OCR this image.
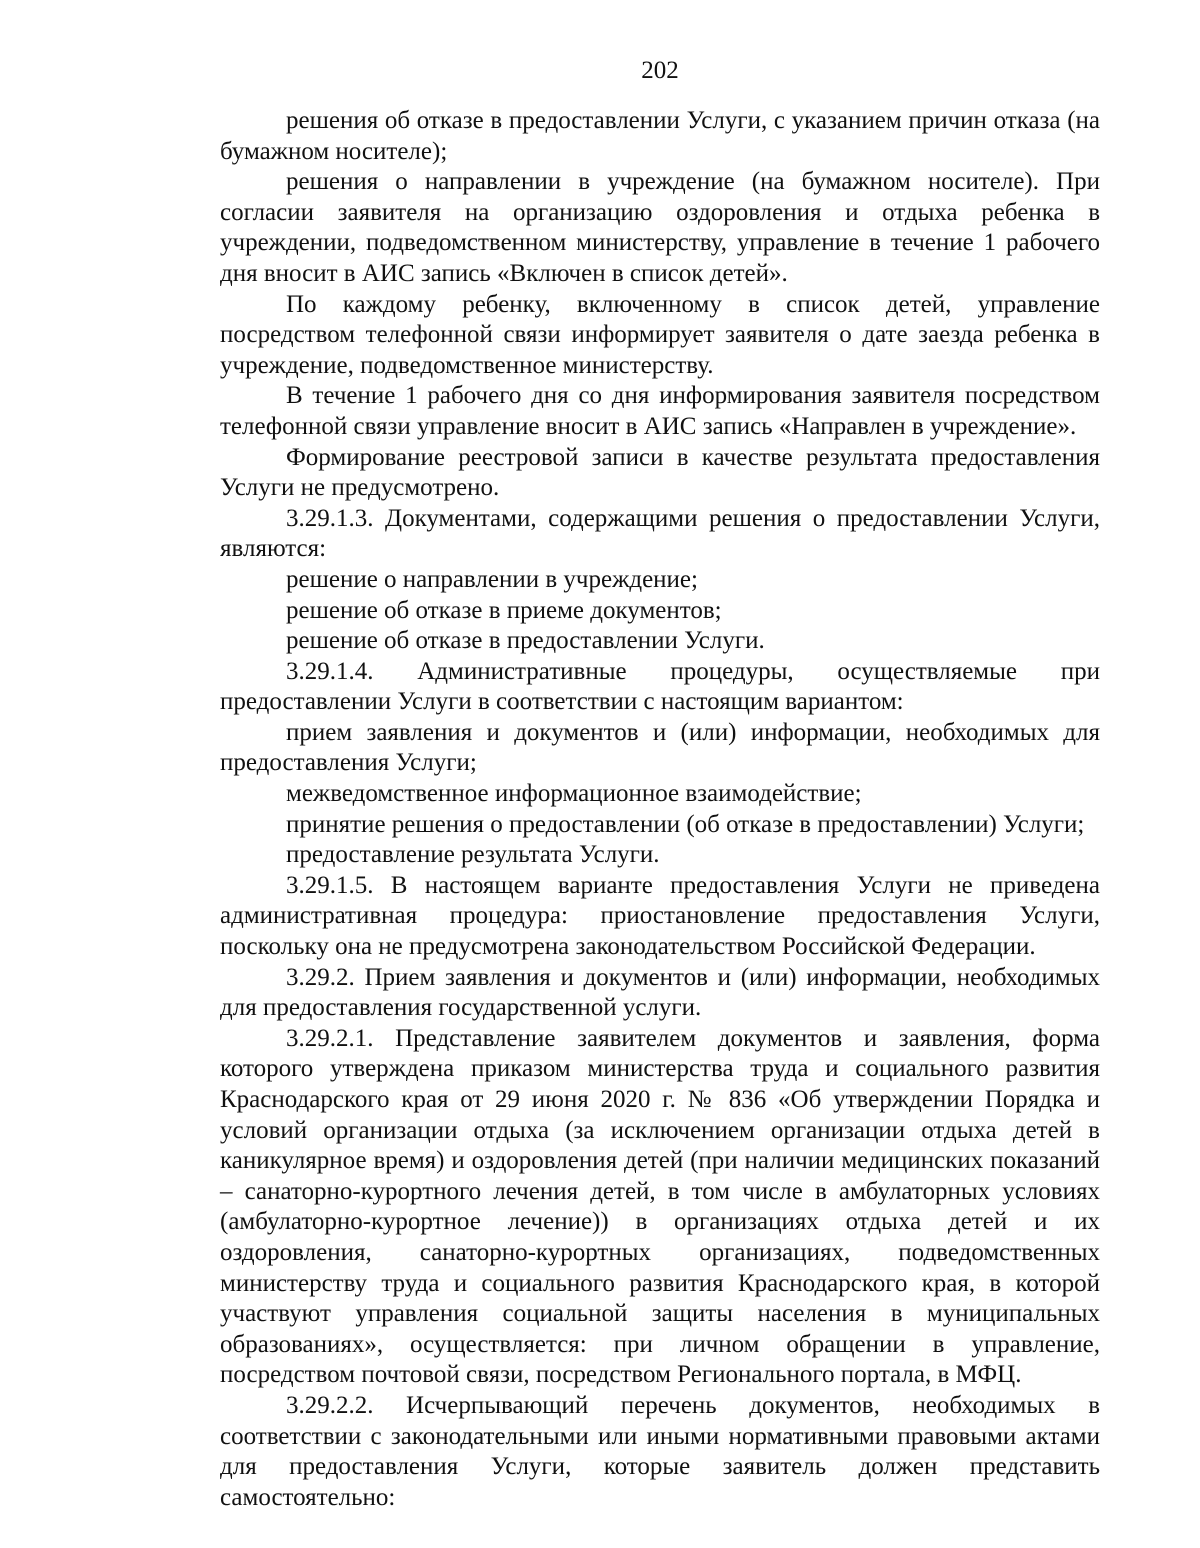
202

решения об отказе в предоставлении Услуги, с указанием причин отказа (на бумажном носителе);

решения о направлении в учреждение (на бумажном носителе). При согласии заявителя на организацию оздоровления и отдыха ребенка в учреждении, подведомственном министерству, управление в течение 1 рабочего дня вносит в АИС запись «Включен в список детей».

По каждому ребенку, включенному в список детей, управление посредством телефонной связи информирует заявителя о дате заезда ребенка в учреждение, подведомственное министерству.

В течение 1 рабочего дня со дня информирования заявителя посредством телефонной связи управление вносит в АИС запись «Направлен в учреждение».

Формирование реестровой записи в качестве результата предоставления Услуги не предусмотрено.

3.29.1.3. Документами, содержащими решения о предоставлении Услуги, являются:

решение о направлении в учреждение;

решение об отказе в приеме документов;

решение об отказе в предоставлении Услуги.

3.29.1.4. Административные процедуры, осуществляемые при предоставлении Услуги в соответствии с настоящим вариантом:

прием заявления и документов и (или) информации, необходимых для предоставления Услуги;

межведомственное информационное взаимодействие;

принятие решения о предоставлении (об отказе в предоставлении) Услуги;

предоставление результата Услуги.

3.29.1.5. В настоящем варианте предоставления Услуги не приведена административная процедура: приостановление предоставления Услуги, поскольку она не предусмотрена законодательством Российской Федерации.

3.29.2. Прием заявления и документов и (или) информации, необходимых для предоставления государственной услуги.

3.29.2.1. Представление заявителем документов и заявления, форма которого утверждена приказом министерства труда и социального развития Краснодарского края от 29 июня 2020 г. № 836 «Об утверждении Порядка и условий организации отдыха (за исключением организации отдыха детей в каникулярное время) и оздоровления детей (при наличии медицинских показаний – санаторно-курортного лечения детей, в том числе в амбулаторных условиях (амбулаторно-курортное лечение)) в организациях отдыха детей и их оздоровления, санаторно-курортных организациях, подведомственных министерству труда и социального развития Краснодарского края, в которой участвуют управления социальной защиты населения в муниципальных образованиях», осуществляется: при личном обращении в управление, посредством почтовой связи, посредством Регионального портала, в МФЦ.

3.29.2.2. Исчерпывающий перечень документов, необходимых в соответствии с законодательными или иными нормативными правовыми актами для предоставления Услуги, которые заявитель должен представить самостоятельно:
